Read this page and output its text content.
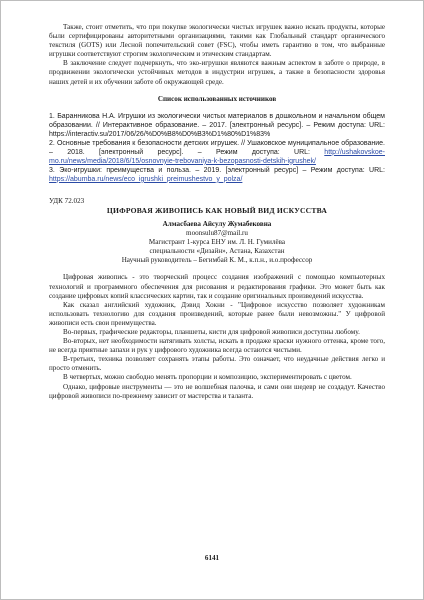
Также, стоит отметить, что при покупке экологически чистых игрушек важно искать продукты, которые были сертифицированы авторитетными организациями, такими как Глобальный стандарт органического текстиля (GOTS) или Лесной попечительский совет (FSC), чтобы иметь гарантию в том, что выбранные игрушки соответствуют строгим экологическим и этическим стандартам.

В заключение следует подчеркнуть, что эко-игрушки являются важным аспектом в заботе о природе, в продвижении экологически устойчивых методов в индустрии игрушек, а также в безопасности здоровья наших детей и их обучении заботе об окружающей среде.

Список использованных источников

1. Баранникова Н.А. Игрушки из экологически чистых материалов в дошкольном и начальном общем образовании. // Интерактивное образование. – 2017. [электронный ресурс]. – Режим доступа: URL: https://interactiv.su/2017/06/26/%D0%B8%D0%B3%D1%80%D1%83%

2. Основные требования к безопасности детских игрушек. // Ушаковское муниципальное образование. – 2018. [электронный ресурс]. – Режим доступа: URL: http://ushakovskoe-mo.ru/news/media/2018/6/15/osnovnyie-trebovaniya-k-bezopasnosti-detskih-igrushek/

3. Эко-игрушки: преимущества и польза. – 2019. [электронный ресурс] – Режим доступа: URL: https://abumba.ru/news/eco_igrushki_preimushestvo_y_polza/

УДК 72.023

ЦИФРОВАЯ ЖИВОПИСЬ КАК НОВЫЙ ВИД ИСКУССТВА

Алмасбаева Айсулу Жумабековна

moonsulu87@mail.ru

Магистрант 1-курса ЕНУ им. Л. Н. Гумилёва

специальности «Дизайн», Астана, Казахстан

Научный руководитель – Бегимбай К. М., к.п.н., и.о.профессор

Цифровая живопись - это творческий процесс создания изображений с помощью компьютерных технологий и программного обеспечения для рисования и редактирования графики. Это может быть как создание цифровых копий классических картин, так и создание оригинальных произведений искусства.

Как сказал английский художник, Дэвид Хокни - "Цифровое искусство позволяет художникам использовать технологию для создания произведений, которые ранее были невозможны." У цифровой живописи есть свои преимущества.

Во-первых, графические редакторы, планшеты, кисти для цифровой живописи доступны любому.

Во-вторых, нет необходимости натягивать холсты, искать в продаже краски нужного оттенка, кроме того, не всегда приятные запахи и рук у цифрового художника всегда остаются чистыми.

В-третьих, техника позволяет сохранять этапы работы. Это означает, что неудачные действия легко и просто отменить.

В четвертых, можно свободно менять пропорции и композицию, экспериментировать с цветом.

Однако, цифровые инструменты — это не волшебная палочка, и сами они шедевр не создадут. Качество цифровой живописи по-прежнему зависит от мастерства и таланта.

6141
